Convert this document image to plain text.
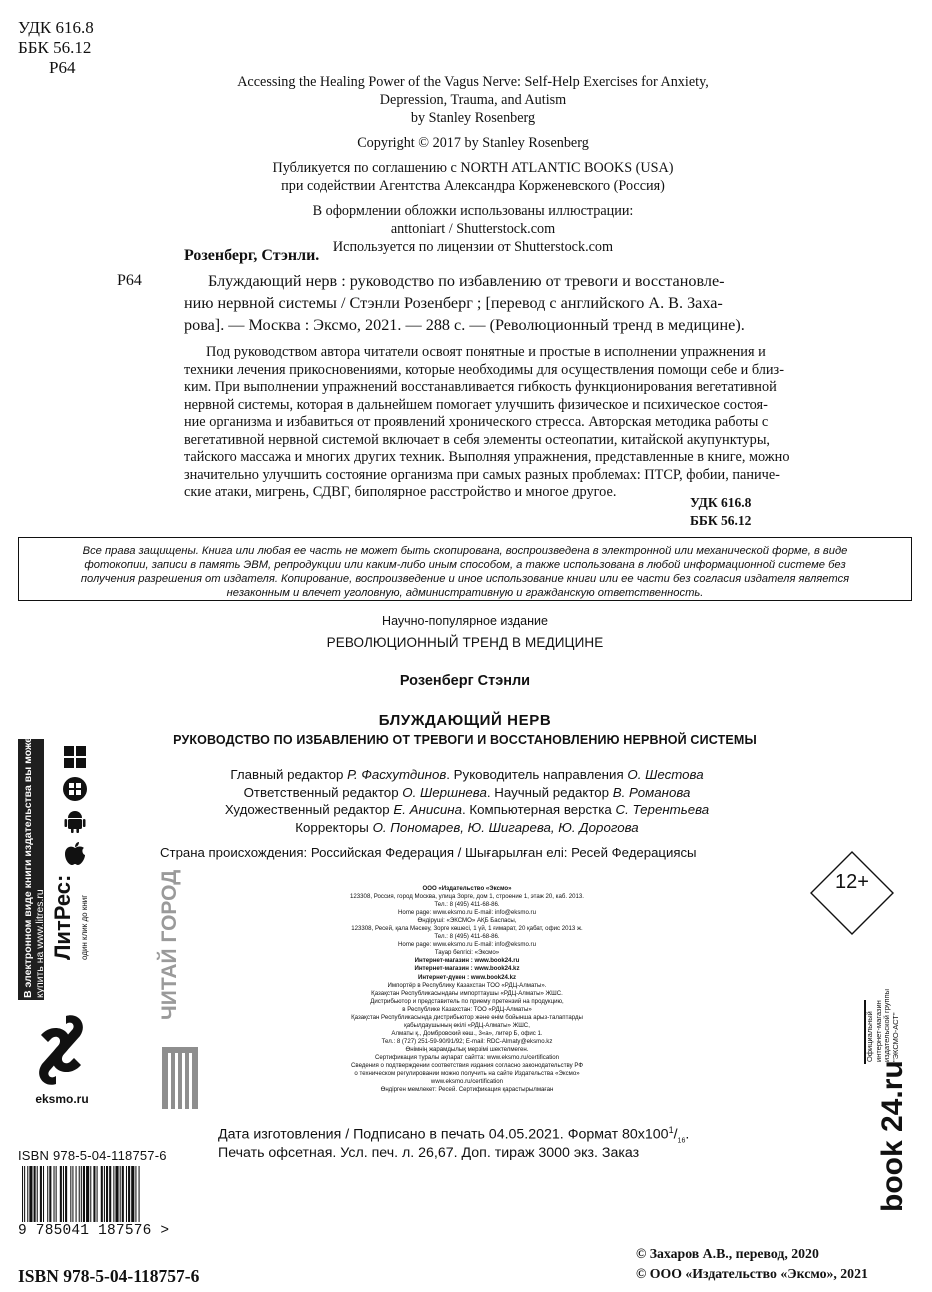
УДК 616.8
ББК 56.12
Р64
Accessing the Healing Power of the Vagus Nerve: Self-Help Exercises for Anxiety,
Depression, Trauma, and Autism
by Stanley Rosenberg
Copyright © 2017 by Stanley Rosenberg
Публикуется по соглашению с NORTH ATLANTIC BOOKS (USA)
при содействии Агентства Александра Корженевского (Россия)
В оформлении обложки использованы иллюстрации:
anttoniart / Shutterstock.com
Используется по лицензии от Shutterstock.com
Розенберг, Стэнли.
Р64	Блуждающий нерв : руководство по избавлению от тревоги и восстановле-
нию нервной системы / Стэнли Розенберг ; [перевод с английского А. В. Заха-
рова]. — Москва : Эксмо, 2021. — 288 с. — (Революционный тренд в медицине).
Под руководством автора читатели освоят понятные и простые в исполнении упражнения и
техники лечения прикосновениями, которые необходимы для осуществления помощи себе и близ-
ким. При выполнении упражнений восстанавливается гибкость функционирования вегетативной
нервной системы, которая в дальнейшем помогает улучшить физическое и психическое состоя-
ние организма и избавиться от проявлений хронического стресса. Авторская методика работы с
вегетативной нервной системой включает в себя элементы остеопатии, китайской акупунктуры,
тайского массажа и многих других техник. Выполняя упражнения, представленные в книге, можно
значительно улучшить состояние организма при самых разных проблемах: ПТСР, фобии, паниче-
ские атаки, мигрень, СДВГ, биполярное расстройство и многое другое.
УДК 616.8
ББК 56.12
Все права защищены. Книга или любая ее часть не может быть скопирована, воспроизведена в электронной или механической форме, в виде
фотокопии, записи в память ЭВМ, репродукции или каким-либо иным способом, а также использована в любой информационной системе без
получения разрешения от издателя. Копирование, воспроизведение и иное использование книги или ее части без согласия издателя является
незаконным и влечет уголовную, административную и гражданскую ответственность.
Научно-популярное издание
РЕВОЛЮЦИОННЫЙ ТРЕНД В МЕДИЦИНЕ
Розенберг Стэнли
БЛУЖДАЮЩИЙ НЕРВ
РУКОВОДСТВО ПО ИЗБАВЛЕНИЮ ОТ ТРЕВОГИ И ВОССТАНОВЛЕНИЮ НЕРВНОЙ СИСТЕМЫ
Главный редактор Р. Фасхутдинов. Руководитель направления О. Шестова
Ответственный редактор О. Шершнева. Научный редактор В. Романова
Художественный редактор Е. Анисина. Компьютерная верстка С. Терентьева
Корректоры О. Пономарев, Ю. Шигарева, Ю. Дорогова
Страна происхождения: Российская Федерация / Шығарылған елі: Ресей Федерациясы
12+
ООО «Издательство «Эксмо»
123308, Россия, город Москва, улица Зорге, дом 1, строение 1, этаж 20, каб. 2013.
Тел.: 8 (495) 411-68-86.
Home page: www.eksmo.ru E-mail: info@eksmo.ru
Өндіруші: «ЭКСМО» АҚБ Баспасы,
123308, Ресей, қала Мәскеу, Зорге көшесі, 1 үй, 1 ғимарат, 20 қабат, офис 2013 ж.
Тел.: 8 (495) 411-68-86.
Home page: www.eksmo.ru E-mail: info@eksmo.ru
Тауар белгісі: «Эксмо»
Интернет-магазин : www.book24.ru
Интернет-магазин : www.book24.kz
Интернет-дүкен : www.book24.kz
Импортёр в Республику Казахстан ТОО «РДЦ-Алматы».
Қазақстан Республикасындағы импорттаушы «РДЦ-Алматы» ЖШС.
Дистрибьютор и представитель по приему претензий на продукцию,
в Республике Казахстан: ТОО «РДЦ-Алматы»
Қазақстан Республикасында дистрибьютор және өнім бойынша арыз-талаптарды
қабылдаушының өкілі «РДЦ-Алматы» ЖШС,
Алматы қ., Домбровский көш., 3«а», литер Б, офис 1.
Тел.: 8 (727) 251-59-90/91/92; E-mail: RDC-Almaty@eksmo.kz
Өнімнің жарамдылық мерзімі шектелмеген.
Сертификация туралы ақпарат сайтта: www.eksmo.ru/certification
Сведения о подтверждении соответствия издания согласно законодательству РФ
о техническом регулировании можно получить на сайте Издательства «Эксмо»
www.eksmo.ru/certification
Өндірген мемлекет: Ресей. Сертификация қарастырылмаған
В электронном виде книги издательства вы можете купить на www.litres.ru ЛитРес: один клик до книг
eksmo.ru
ЧИТАЙ ГОРОД
Официальный интернет-магазин издательской группы "ЭКСМО-АСТ"
book 24.ru
Дата изготовления / Подписано в печать 04.05.2021. Формат $80х100^1/_{16}$.
Печать офсетная. Усл. печ. л. 26,67. Доп. тираж 3000 экз. Заказ
ISBN 978-5-04-118757-6
9 785041 187576 >
ISBN 978-5-04-118757-6
© Захаров А.В., перевод, 2020
© ООО «Издательство «Эксмо», 2021
